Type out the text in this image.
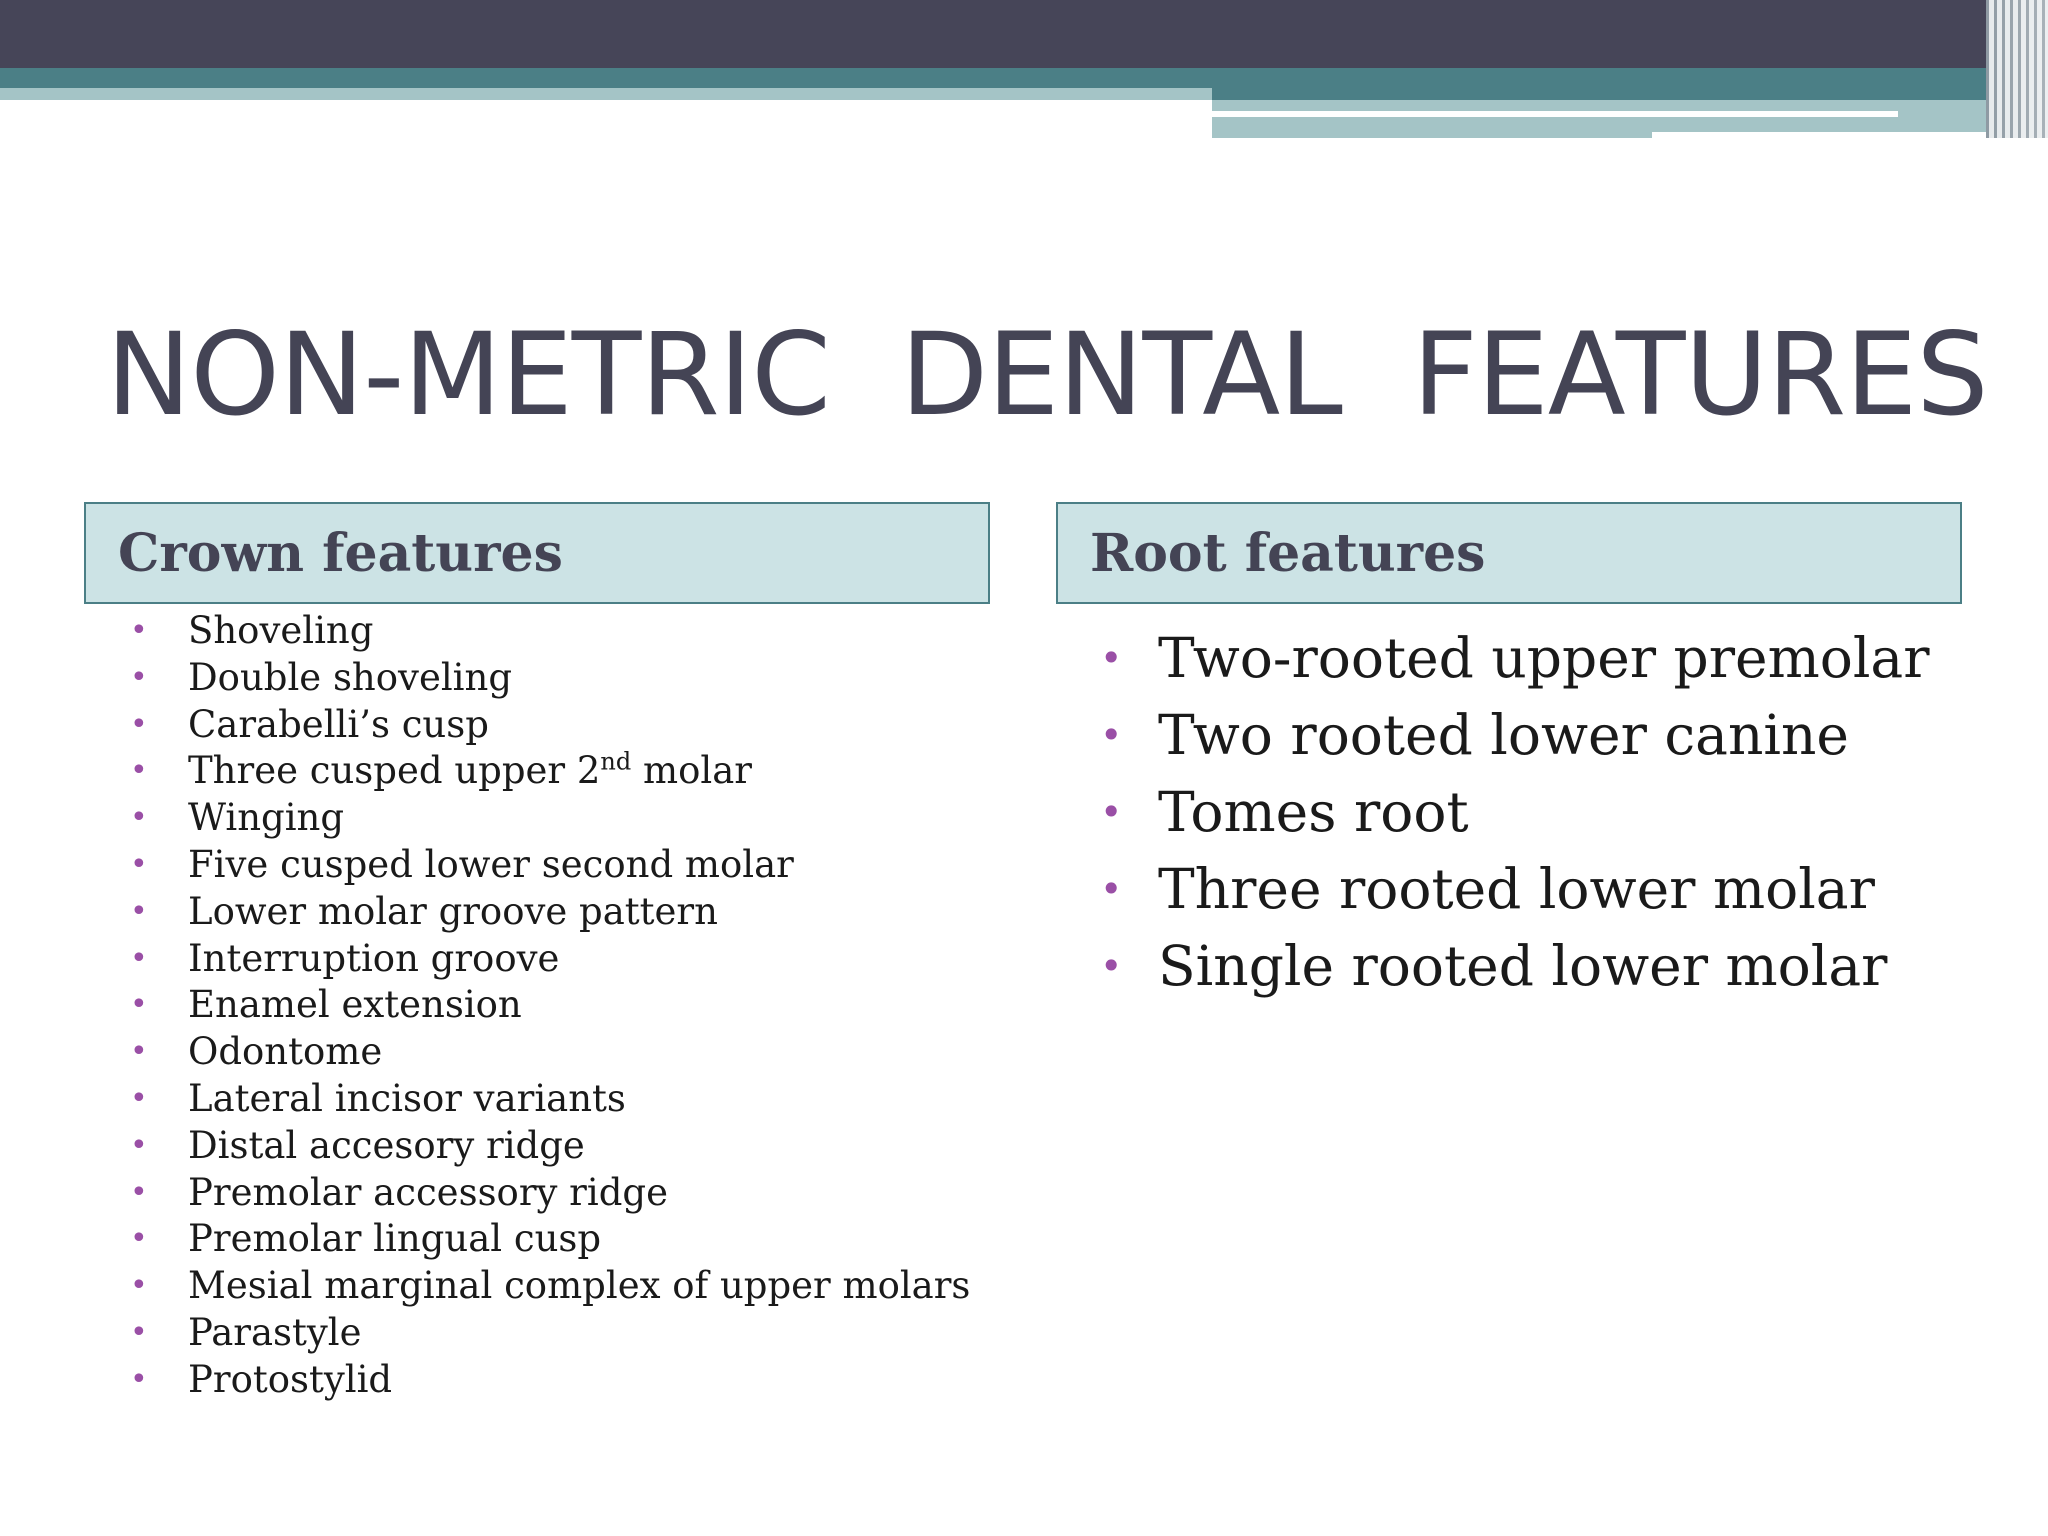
NON-METRIC  DENTAL  FEATURES
Crown features	Root features
• Shoveling
• Double shoveling
• Carabelli’s cusp
• Three cusped upper 2nd molar
• Winging
• Five cusped lower second molar
• Lower molar groove pattern
• Interruption groove
• Enamel extension
• Odontome
• Lateral incisor variants
• Distal accesory ridge
• Premolar accessory ridge
• Premolar lingual cusp
• Mesial marginal complex of upper molars
• Parastyle
• Protostylid
• Two-rooted upper premolar
• Two rooted lower canine
• Tomes root
• Three rooted lower molar
• Single rooted lower molar
